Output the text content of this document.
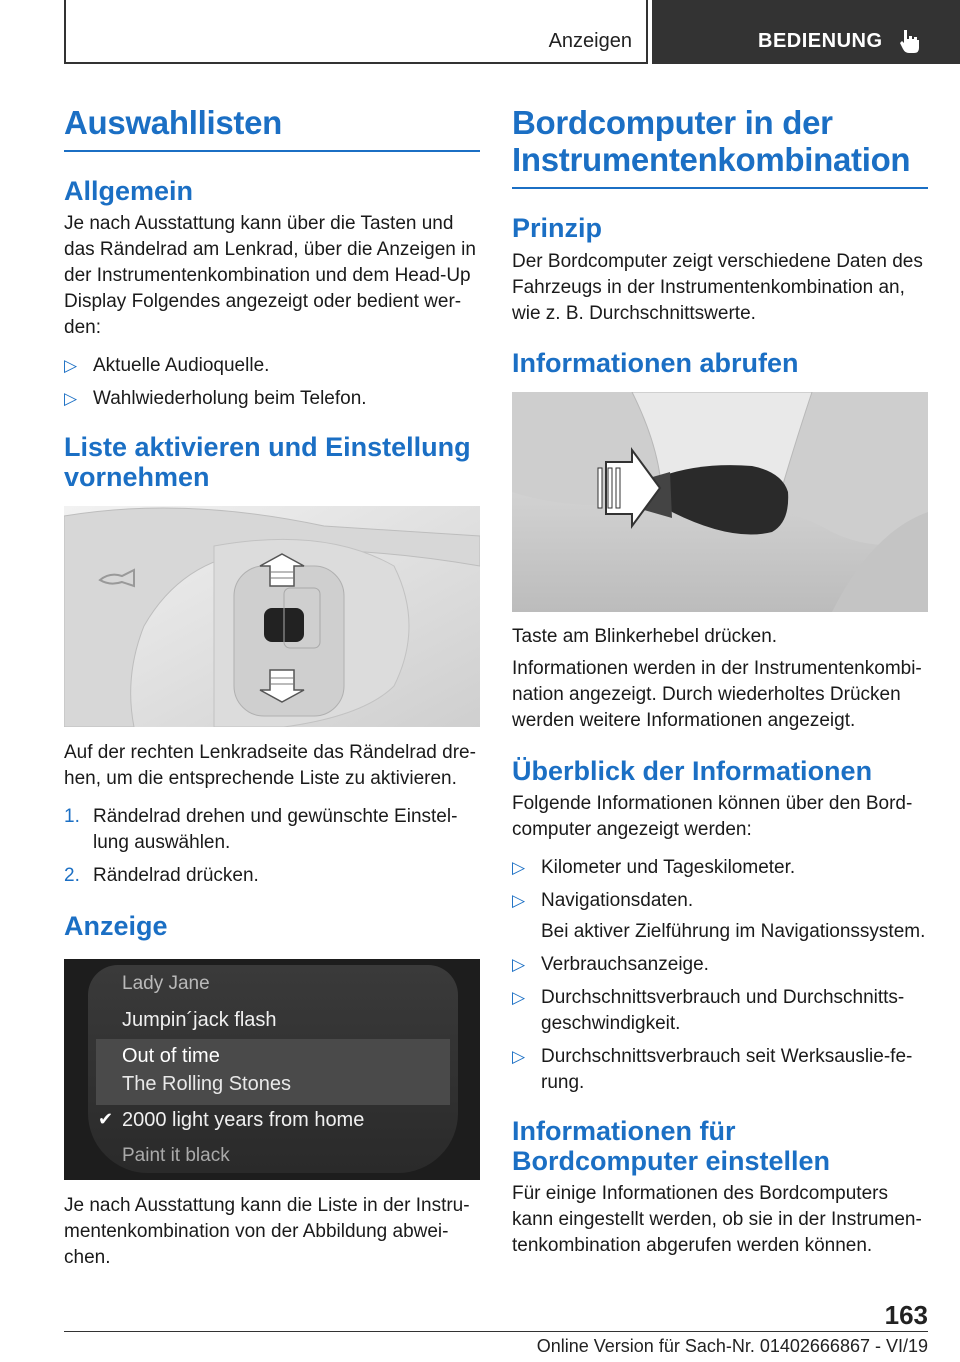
Anzeigen	BEDIENUNG
Auswahllisten
Allgemein

Je nach Ausstattung kann über die Tasten und das Rändelrad am Lenkrad, über die Anzeigen in der Instrumentenkombination und dem Head-Up Display Folgendes angezeigt oder bedient wer-den:

▷ Aktuelle Audioquelle.
▷ Wahlwiederholung beim Telefon.
Liste aktivieren und Einstellung vornehmen

Auf der rechten Lenkradseite das Rändelrad dre-hen, um die entsprechende Liste zu aktivieren.

1. Rändelrad drehen und gewünschte Einstel-lung auswählen.
2. Rändelrad drücken.
Anzeige
Lady Jane
Jumpin´jack flash
Out of time
The Rolling Stones
✔ 2000 light years from home
Paint it black

Je nach Ausstattung kann die Liste in der Instru-mentenkombination von der Abbildung abwei-chen.

Bordcomputer in der Instrumentenkombination
Prinzip

Der Bordcomputer zeigt verschiedene Daten des Fahrzeugs in der Instrumentenkombination an, wie z. B. Durchschnittswerte.

Informationen abrufen

Taste am Blinkerhebel drücken.

Informationen werden in der Instrumentenkombi-nation angezeigt. Durch wiederholtes Drücken werden weitere Informationen angezeigt.

Überblick der Informationen

Folgende Informationen können über den Bord-computer angezeigt werden:

▷ Kilometer und Tageskilometer.
▷ Navigationsdaten.
Bei aktiver Zielführung im Navigationssystem.
▷ Verbrauchsanzeige.
▷ Durchschnittsverbrauch und Durchschnitts-geschwindigkeit.
▷ Durchschnittsverbrauch seit Werksauslie-fe-rung.
Informationen für Bordcomputer einstellen

Für einige Informationen des Bordcomputers kann eingestellt werden, ob sie in der Instrumen-tenkombination abgerufen werden können.

163
Online Version für Sach-Nr. 01402666867 - VI/19
